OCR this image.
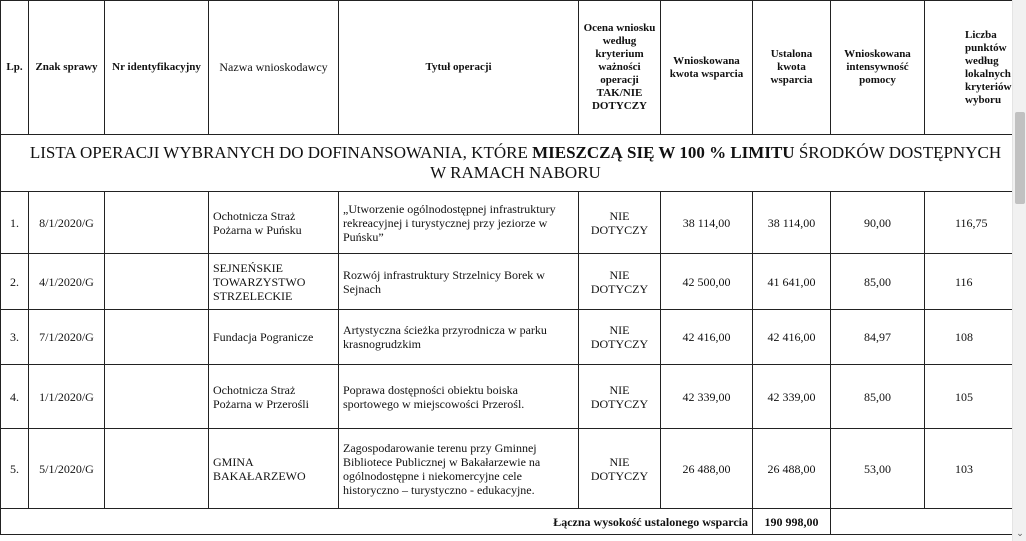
Lp.	Znak sprawy	Nr identyfikacyjny	Nazwa wnioskodawcy	Tytuł operacji	Ocena wniosku według kryterium ważności operacji TAK/NIE DOTYCZY	Wnioskowana kwota wsparcia	Ustalona kwota wsparcia	Wnioskowana intensywność pomocy	Liczba punktów według lokalnych kryteriów wyboru
LISTA OPERACJI WYBRANYCH DO DOFINANSOWANIA, KTÓRE MIESZCZĄ SIĘ W 100 % LIMITU ŚRODKÓW DOSTĘPNYCH
W RAMACH NABORU									
1.	8/1/2020/G		Ochotnicza Straż Pożarna w Puńsku	„Utworzenie ogólnodostępnej infrastruktury rekreacyjnej i turystycznej przy jeziorze w Puńsku”	NIE DOTYCZY	38 114,00	38 114,00	90,00	116,75
2.	4/1/2020/G		SEJNEŃSKIE TOWARZYSTWO STRZELECKIE	Rozwój infrastruktury Strzelnicy Borek w Sejnach	NIE DOTYCZY	42 500,00	41 641,00	85,00	116
3.	7/1/2020/G		Fundacja Pogranicze	Artystyczna ścieżka przyrodnicza w parku krasnogrudzkim	NIE DOTYCZY	42 416,00	42 416,00	84,97	108
4.	1/1/2020/G		Ochotnicza Straż Pożarna w Przerośli	Poprawa dostępności obiektu boiska sportowego w miejscowości Przerośl.	NIE DOTYCZY	42 339,00	42 339,00	85,00	105
5.	5/1/2020/G		GMINA BAKAŁARZEWO	Zagospodarowanie terenu przy Gminnej Bibliotece Publicznej w Bakałarzewie na ogólnodostępne i niekomercyjne cele historyczno – turystyczno - edukacyjne.	NIE DOTYCZY	26 488,00	26 488,00	53,00	103
Łączna wysokość ustalonego wsparcia							190 998,00		
⌄
